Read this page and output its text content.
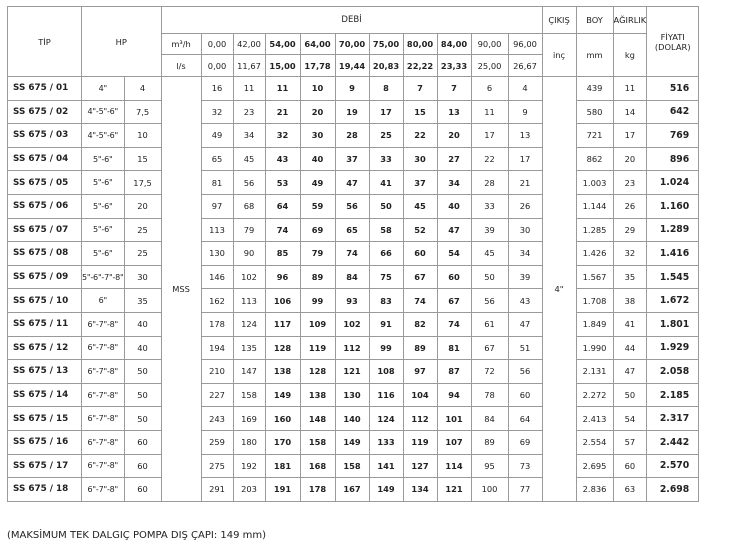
TİP	HP		DEBİ											ÇIKIŞ	BOY	AĞIRLIK	FİYATI
(DOLAR)

			m³/h	0,00	42,00	54,00	64,00	70,00	75,00	80,00	84,00	90,00	96,00	inç	mm	kg	
			l/s	0,00	11,67	15,00	17,78	19,44	20,83	22,22	23,33	25,00	26,67				
SS 675 / 01	4"	4	MSS	16	11	11	10	9	8	7	7	6	4	4"	439	11	516
SS 675 / 02	4"-5"-6"	7,5		32	23	21	20	19	17	15	13	11	9		580	14	642
SS 675 / 03	4"-5"-6"	10		49	34	32	30	28	25	22	20	17	13		721	17	769
SS 675 / 04	5"-6"	15		65	45	43	40	37	33	30	27	22	17		862	20	896
SS 675 / 05	5"-6"	17,5		81	56	53	49	47	41	37	34	28	21		1.003	23	1.024
SS 675 / 06	5"-6"	20		97	68	64	59	56	50	45	40	33	26		1.144	26	1.160
SS 675 / 07	5"-6"	25		113	79	74	69	65	58	52	47	39	30		1.285	29	1.289
SS 675 / 08	5"-6"	25		130	90	85	79	74	66	60	54	45	34		1.426	32	1.416
SS 675 / 09	5"-6"-7"-8"	30		146	102	96	89	84	75	67	60	50	39		1.567	35	1.545
SS 675 / 10	6"	35		162	113	106	99	93	83	74	67	56	43		1.708	38	1.672
SS 675 / 11	6"-7"-8"	40		178	124	117	109	102	91	82	74	61	47		1.849	41	1.801
SS 675 / 12	6"-7"-8"	40		194	135	128	119	112	99	89	81	67	51		1.990	44	1.929
SS 675 / 13	6"-7"-8"	50		210	147	138	128	121	108	97	87	72	56		2.131	47	2.058
SS 675 / 14	6"-7"-8"	50		227	158	149	138	130	116	104	94	78	60		2.272	50	2.185
SS 675 / 15	6"-7"-8"	50		243	169	160	148	140	124	112	101	84	64		2.413	54	2.317
SS 675 / 16	6"-7"-8"	60		259	180	170	158	149	133	119	107	89	69		2.554	57	2.442
SS 675 / 17	6"-7"-8"	60		275	192	181	168	158	141	127	114	95	73		2.695	60	2.570
SS 675 / 18	6"-7"-8"	60		291	203	191	178	167	149	134	121	100	77		2.836	63	2.698
(MAKSİMUM TEK DALGIÇ POMPA DIŞ ÇAPI: 149 mm)
